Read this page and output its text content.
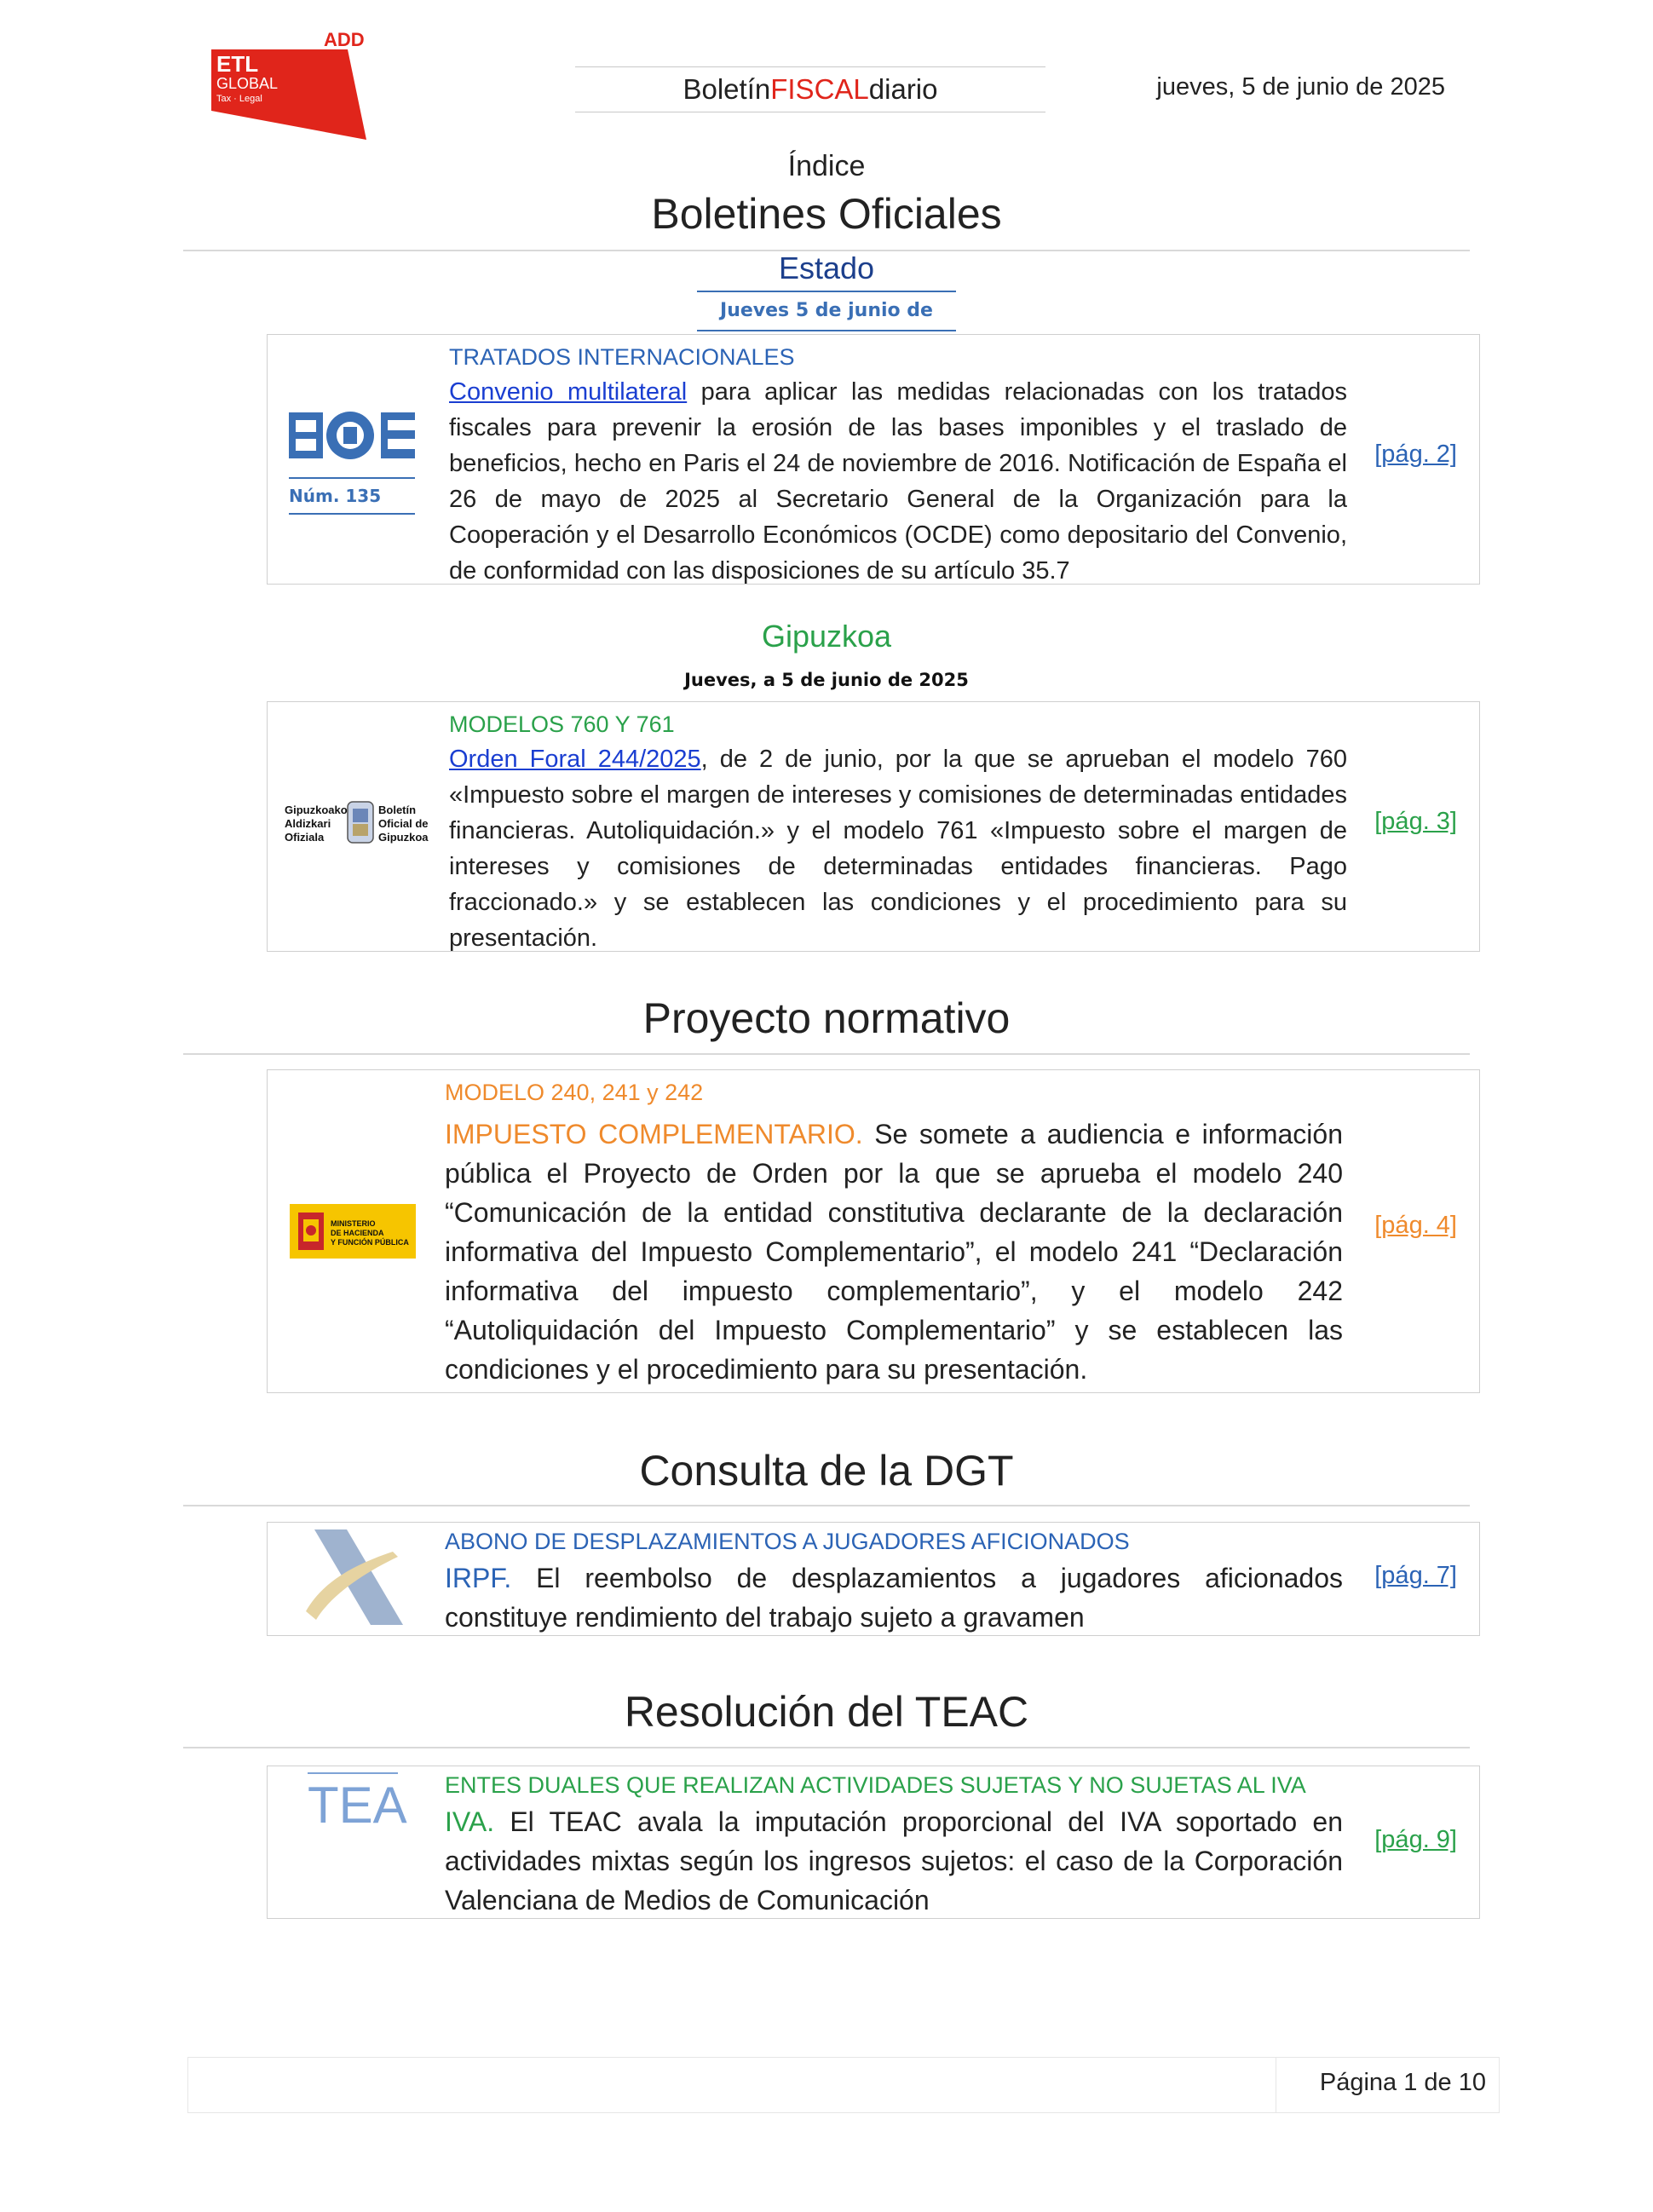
ADD
ETL
GLOBAL
Tax · Legal	Boletín FISCAL diario	jueves, 5 de junio de 2025
Índice
Boletines Oficiales
Estado
Jueves 5 de junio de
Núm. 135
TRATADOS INTERNACIONALES
Convenio multilateral para aplicar las medidas relacionadas con los tratados fiscales para prevenir la erosión de las bases imponibles y el traslado de beneficios, hecho en Paris el 24 de noviembre de 2016. Notificación de España el 26 de mayo de 2025 al Secretario General de la Organización para la Cooperación y el Desarrollo Económicos (OCDE) como depositario del Convenio, de conformidad con las disposiciones de su artículo 35.7
[pág. 2]
Gipuzkoa
Jueves, a 5 de junio de 2025
Gipuzkoako
Aldizkari
Ofiziala
Boletín
Oficial de
Gipuzkoa
MODELOS 760 Y 761
Orden Foral 244/2025, de 2 de junio, por la que se aprueban el modelo 760 «Impuesto sobre el margen de intereses y comisiones de determinadas entidades financieras. Autoliquidación.» y el modelo 761 «Impuesto sobre el margen de intereses y comisiones de determinadas entidades financieras. Pago fraccionado.» y se establecen las condiciones y el procedimiento para su presentación.
[pág. 3]
Proyecto normativo
MINISTERIO
DE HACIENDA
Y FUNCIÓN PÚBLICA
MODELO 240, 241 y 242
IMPUESTO COMPLEMENTARIO. Se somete a audiencia e información pública el Proyecto de Orden por la que se aprueba el modelo 240 “Comunicación de la entidad constitutiva declarante de la declaración informativa del Impuesto Complementario”, el modelo 241 “Declaración informativa del impuesto complementario”, y el modelo 242 “Autoliquidación del Impuesto Complementario” y se establecen las condiciones y el procedimiento para su presentación.
[pág. 4]
Consulta de la DGT
ABONO DE DESPLAZAMIENTOS A JUGADORES AFICIONADOS
IRPF. El reembolso de desplazamientos a jugadores aficionados constituye rendimiento del trabajo sujeto a gravamen
[pág. 7]
Resolución del TEAC
TEA ENTES DUALES QUE REALIZAN ACTIVIDADES SUJETAS Y NO SUJETAS AL IVA
IVA. El TEAC avala la imputación proporcional del IVA soportado en actividades mixtas según los ingresos sujetos: el caso de la Corporación Valenciana de Medios de Comunicación
[pág. 9]
Página 1 de 10
